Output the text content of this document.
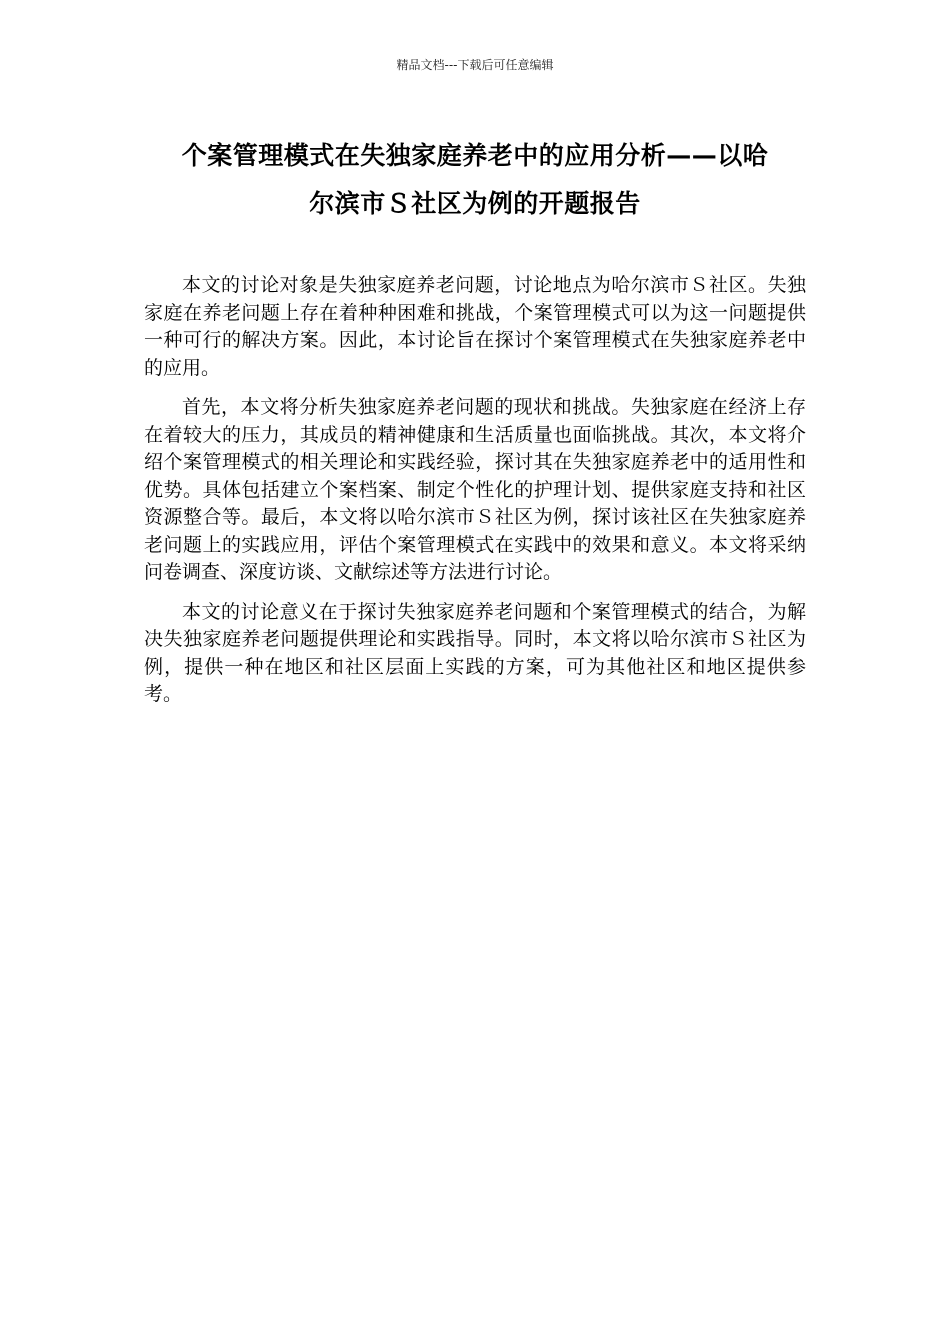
精品文档---下载后可任意编辑
个案管理模式在失独家庭养老中的应用分析——以哈
尔滨市Ｓ社区为例的开题报告

本文的讨论对象是失独家庭养老问题，讨论地点为哈尔滨市Ｓ社区。失独家庭在养老问题上存在着种种困难和挑战，个案管理模式可以为这一问题提供一种可行的解决方案。因此，本讨论旨在探讨个案管理模式在失独家庭养老中的应用。

首先，本文将分析失独家庭养老问题的现状和挑战。失独家庭在经济上存在着较大的压力，其成员的精神健康和生活质量也面临挑战。其次，本文将介绍个案管理模式的相关理论和实践经验，探讨其在失独家庭养老中的适用性和优势。具体包括建立个案档案、制定个性化的护理计划、提供家庭支持和社区资源整合等。最后，本文将以哈尔滨市Ｓ社区为例，探讨该社区在失独家庭养老问题上的实践应用，评估个案管理模式在实践中的效果和意义。本文将采纳问卷调查、深度访谈、文献综述等方法进行讨论。

本文的讨论意义在于探讨失独家庭养老问题和个案管理模式的结合，为解决失独家庭养老问题提供理论和实践指导。同时，本文将以哈尔滨市Ｓ社区为例，提供一种在地区和社区层面上实践的方案，可为其他社区和地区提供参考。
